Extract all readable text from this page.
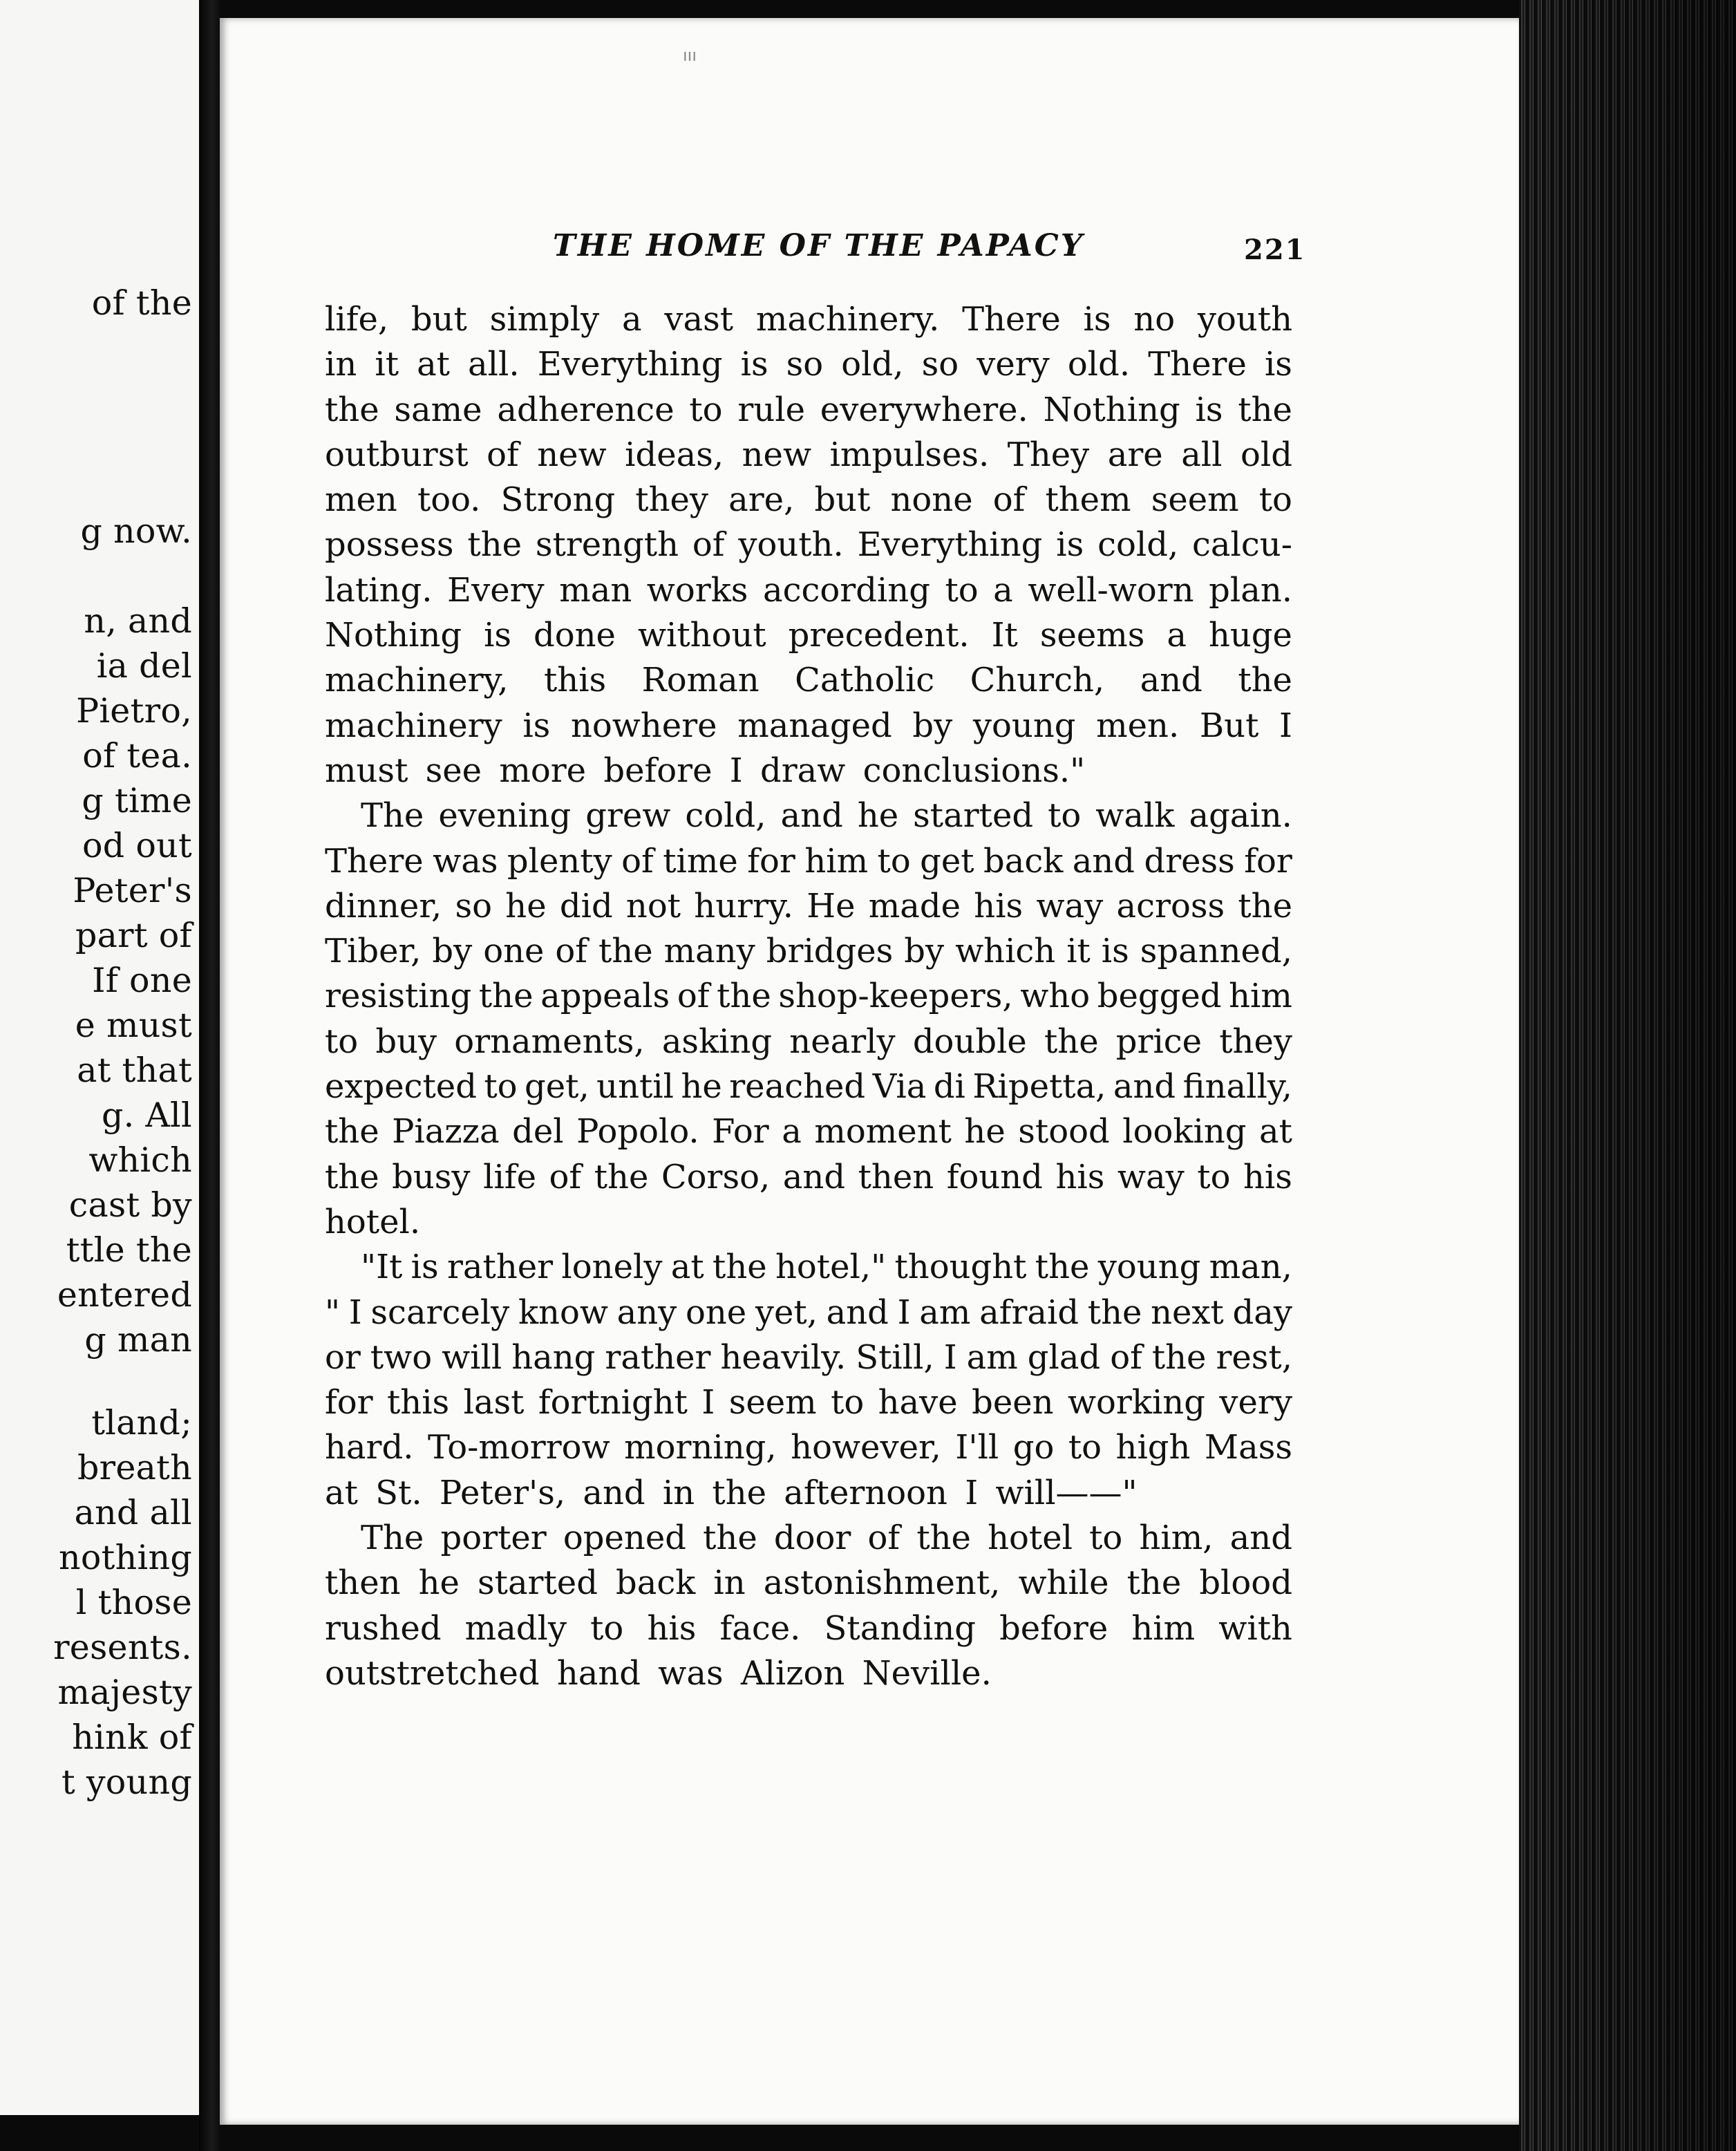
of the
g now.
n, and
ia del
Pietro,
of tea.
g time
od out
Peter's
part of
If one
e must
at that
g. All
which
cast by
ttle the
entered
g man
tland;
breath
and all
nothing
l those
resents.
majesty
hink of
t young
ııı
THE HOME OF THE PAPACY	221
life, but simply a vast machinery. There is no youth
in it at all. Everything is so old, so very old. There is
the same adherence to rule everywhere. Nothing is the
outburst of new ideas, new impulses. They are all old
men too. Strong they are, but none of them seem to
possess the strength of youth. Everything is cold, calcu-
lating. Every man works according to a well-worn plan.
Nothing is done without precedent. It seems a huge
machinery, this Roman Catholic Church, and the
machinery is nowhere managed by young men. But I
must see more before I draw conclusions."
The evening grew cold, and he started to walk again.
There was plenty of time for him to get back and dress for
dinner, so he did not hurry. He made his way across the
Tiber, by one of the many bridges by which it is spanned,
resisting the appeals of the shop-keepers, who begged him
to buy ornaments, asking nearly double the price they
expected to get, until he reached Via di Ripetta, and finally,
the Piazza del Popolo. For a moment he stood looking at
the busy life of the Corso, and then found his way to his
hotel.
"It is rather lonely at the hotel," thought the young man,
" I scarcely know any one yet, and I am afraid the next day
or two will hang rather heavily. Still, I am glad of the rest,
for this last fortnight I seem to have been working very
hard. To-morrow morning, however, I'll go to high Mass
at St. Peter's, and in the afternoon I will——"
The porter opened the door of the hotel to him, and
then he started back in astonishment, while the blood
rushed madly to his face. Standing before him with
outstretched hand was Alizon Neville.
